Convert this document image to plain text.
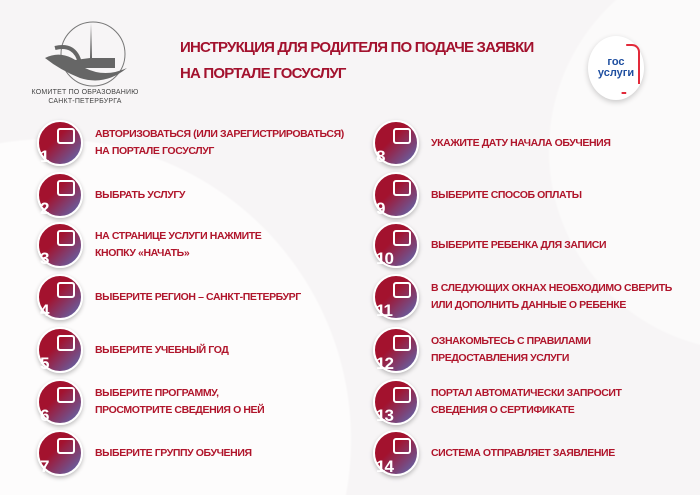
КОМИТЕТ ПО ОБРАЗОВАНИЮ
САНКТ-ПЕТЕРБУРГА
ИНСТРУКЦИЯ ДЛЯ РОДИТЕЛЯ ПО ПОДАЧЕ ЗАЯВКИ
НА ПОРТАЛЕ ГОСУСЛУГ
гос
услуги
1
АВТОРИЗОВАТЬСЯ (ИЛИ ЗАРЕГИСТРИРОВАТЬСЯ)
НА ПОРТАЛЕ ГОСУСЛУГ
2
ВЫБРАТЬ УСЛУГУ
3
НА СТРАНИЦЕ УСЛУГИ НАЖМИТЕ
КНОПКУ «НАЧАТЬ»
4
ВЫБЕРИТЕ РЕГИОН – САНКТ-ПЕТЕРБУРГ
5
ВЫБЕРИТЕ УЧЕБНЫЙ ГОД
6
ВЫБЕРИТЕ ПРОГРАММУ,
ПРОСМОТРИТЕ СВЕДЕНИЯ О НЕЙ
7
ВЫБЕРИТЕ ГРУППУ ОБУЧЕНИЯ
8
УКАЖИТЕ ДАТУ НАЧАЛА ОБУЧЕНИЯ
9
ВЫБЕРИТЕ СПОСОБ ОПЛАТЫ
10
ВЫБЕРИТЕ РЕБЕНКА ДЛЯ ЗАПИСИ
11
В СЛЕДУЮЩИХ ОКНАХ НЕОБХОДИМО СВЕРИТЬ
ИЛИ ДОПОЛНИТЬ ДАННЫЕ О РЕБЕНКЕ
12
ОЗНАКОМЬТЕСЬ С ПРАВИЛАМИ
ПРЕДОСТАВЛЕНИЯ УСЛУГИ
13
ПОРТАЛ АВТОМАТИЧЕСКИ ЗАПРОСИТ
СВЕДЕНИЯ О СЕРТИФИКАТЕ
14
СИСТЕМА ОТПРАВЛЯЕТ ЗАЯВЛЕНИЕ
